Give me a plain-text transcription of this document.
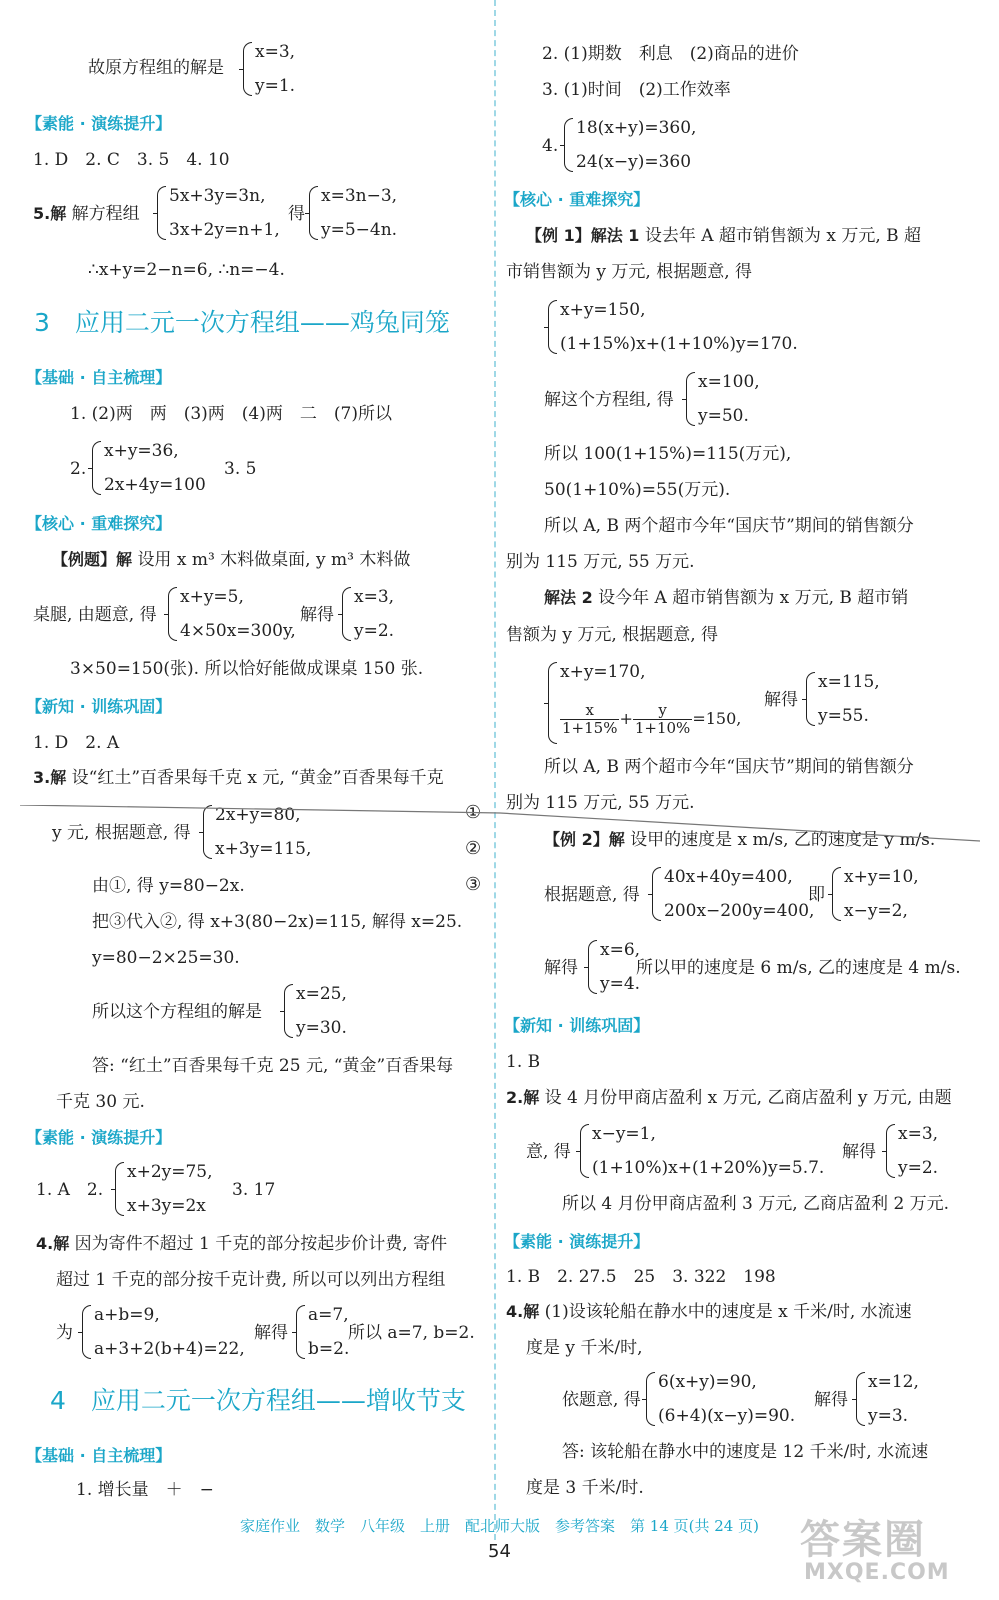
故原方程组的解是
x=3,
y=1.
【素能 · 演练提升】
1. D　2. C　3. 5　4. 10
5.解 解方程组
5x+3y=3n,
3x+2y=n+1,
得
x=3n−3,
y=5−4n.
∴x+y=2−n=6, ∴n=−4.
3　应用二元一次方程组——鸡兔同笼
【基础 · 自主梳理】
1. (2)两　两　(3)两　(4)两　二　(7)所以
2.
x+y=36,
2x+4y=100
3. 5
【核心 · 重难探究】
【例题】解 设用 x m³ 木料做桌面, y m³ 木料做
桌腿, 由题意, 得
x+y=5,
4×50x=300y,
解得
x=3,
y=2.
3×50=150(张). 所以恰好能做成课桌 150 张.
【新知 · 训练巩固】
1. D　2. A
3.解 设“红土”百香果每千克 x 元, “黄金”百香果每千克
y 元, 根据题意, 得
2x+y=80,
x+3y=115,
①
②
由①, 得 y=80−2x.	③
把③代入②, 得 x+3(80−2x)=115, 解得 x=25.
y=80−2×25=30.
所以这个方程组的解是
x=25,
y=30.
答: “红土”百香果每千克 25 元, “黄金”百香果每
千克 30 元.
【素能 · 演练提升】
1. A　2.
x+2y=75,
x+3y=2x
3. 17
4.解 因为寄件不超过 1 千克的部分按起步价计费, 寄件
超过 1 千克的部分按千克计费, 所以可以列出方程组
为
a+b=9,
a+3+2(b+4)=22,
解得
a=7,
b=2.
所以 a=7, b=2.
4　应用二元一次方程组——增收节支
【基础 · 自主梳理】
1. 增长量　＋　−
2. (1)期数　利息　(2)商品的进价
3. (1)时间　(2)工作效率
4.
18(x+y)=360,
24(x−y)=360
【核心 · 重难探究】
【例 1】解法 1 设去年 A 超市销售额为 x 万元, B 超
市销售额为 y 万元, 根据题意, 得
x+y=150,
(1+15%)x+(1+10%)y=170.
解这个方程组, 得
x=100,
y=50.
所以 100(1+15%)=115(万元),
50(1+10%)=55(万元).
所以 A, B 两个超市今年“国庆节”期间的销售额分
别为 115 万元, 55 万元.
解法 2 设今年 A 超市销售额为 x 万元, B 超市销
售额为 y 万元, 根据题意, 得
x+y=170,
$\frac{x}{1+15\%} + \frac{y}{1+10\%} =150$,
解得
x=115,
y=55.
所以 A, B 两个超市今年“国庆节”期间的销售额分
别为 115 万元, 55 万元.
【例 2】解 设甲的速度是 x m/s, 乙的速度是 y m/s.
根据题意, 得
40x+40y=400,
200x−200y=400,
即
x+y=10,
x−y=2,
解得
x=6,
y=4.
所以甲的速度是 6 m/s, 乙的速度是 4 m/s.
【新知 · 训练巩固】
1. B
2.解 设 4 月份甲商店盈利 x 万元, 乙商店盈利 y 万元, 由题
意, 得
x−y=1,
(1+10%)x+(1+20%)y=5.7.
解得
x=3,
y=2.
所以 4 月份甲商店盈利 3 万元, 乙商店盈利 2 万元.
【素能 · 演练提升】
1. B　2. 27.5　25　3. 322　198
4.解 (1)设该轮船在静水中的速度是 x 千米/时, 水流速
度是 y 千米/时,
依题意, 得
6(x+y)=90,
(6+4)(x−y)=90.
解得
x=12,
y=3.
答: 该轮船在静水中的速度是 12 千米/时, 水流速
度是 3 千米/时.
家庭作业　数学　八年级　上册　配北师大版　参考答案　第 14 页(共 24 页)
54	答案圈
MXQE.COM
